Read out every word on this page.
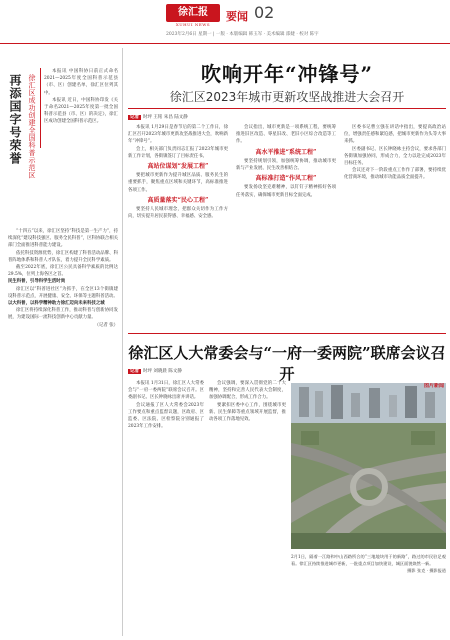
徐汇报
XUHUI NEWS
要闻 02
2023年2月6日 星期一 | 一版 · 本版编辑 韩玉军 · 美术编辑 邵婕 · 校对 陈宇
再添国字号荣誉 徐汇区成功创建全国科普示范区

本报讯 中国科协日前正式命名2021—2025年度全国科普示范县（市、区）创建名单，徐汇区位列其中。

本报讯 近日，中国科协印发《关于命名2021—2025年度第一批全国科普示范县（市、区）的决定》，徐汇区成功创建全国科普示范区。

“十四五”以来，徐汇区坚持“科技是第一生产力”，持续深化“建设科技强区、服务全民科普”，区科协联合相关部门全面推进科普能力建设。

依托科技资源优势，徐汇区构建了科普活动品牌、科普阵地体系和科普人才队伍，着力提升全民科学素质。

截至2022年底，徐汇区公民具备科学素质的比例达29.5%，位列上海各区之首。

民生科普，引导科学生活时尚

徐汇区以“科普进社区”为抓手，在全区13个街镇建设科普示范点，开展健康、安全、环保等主题科普活动。

以大科普，以科学精神助力徐汇迈向未来科技之城

徐汇区将持续深化科普工作，推动科普与创新协同发展，为建设国际一流科技创新中心贡献力量。

（记者 张）

吹响开年“冲锋号”
徐汇区2023年城市更新攻坚战推进大会召开
记者 时坪 王铭 朱昌 陆文静

本报讯 1月29日是春节后的第二个工作日，徐汇区召开2023年城市更新攻坚战推进大会，吹响新年“冲锋号”。

会上，相关部门负责同志汇报了2023年城市更新工作计划，各街镇签订了目标责任书。

高站位谋划“发展工程”

要把城市更新作为提升城区品质、服务民生的重要抓手，聚焦重点区域和关键环节，高标准推进各项工作。

高质量落实“民心工程”

要坚持人民城市理念，把群众关切作为工作方向，切实提升居民获得感、幸福感、安全感。

会议指出，城市更新是一项系统工程，要统筹推进旧区改造、零星旧改、老旧小区综合改造等工作。

高水平推进“系统工程”

要坚持规划引领，加强统筹协调，推动城市更新与产业发展、民生改善相结合。

高标准打造“作风工程”

要发扬攻坚克难精神，以钉钉子精神抓好各项任务落实，确保城市更新目标全面完成。

区委书记曹立强在讲话中指出，要提高政治站位，增强责任感和紧迫感，把城市更新作为头等大事来抓。

区委副书记、区长钟晓咏主持会议，要求各部门各街镇加强协同，形成合力，全力以赴完成2023年目标任务。

会议还对下一阶段重点工作作了部署，要持续优化营商环境，推动城市功能品质全面提升。

徐汇区人大常委会与“一府一委两院”联席会议召开
记者 时坪 刘晓晨 陈文静

本报讯 1月31日，徐汇区人大常委会与“一府一委两院”联席会议召开。区委副书记、区长钟晓咏出席并讲话。

会议通报了区人大常委会2023年工作要点和重点监督议题，区政府、区监委、区法院、区检察院分别通报了2023年工作安排。

会议强调，要深入贯彻党的二十大精神，坚持和完善人民代表大会制度，加强协调配合，形成工作合力。

要紧扣区委中心工作，围绕城市更新、民生保障等重点领域开展监督，推动各项工作落地见效。

图片新闻

2月1日，隔着一江路和中山西路所合的“三地地块用于的新路”，路过的市民驻足观看。徐汇区持续推进城市更新，一批重点项目加快建设，城区面貌焕然一新。

摄影 张克 · 摄影报道
